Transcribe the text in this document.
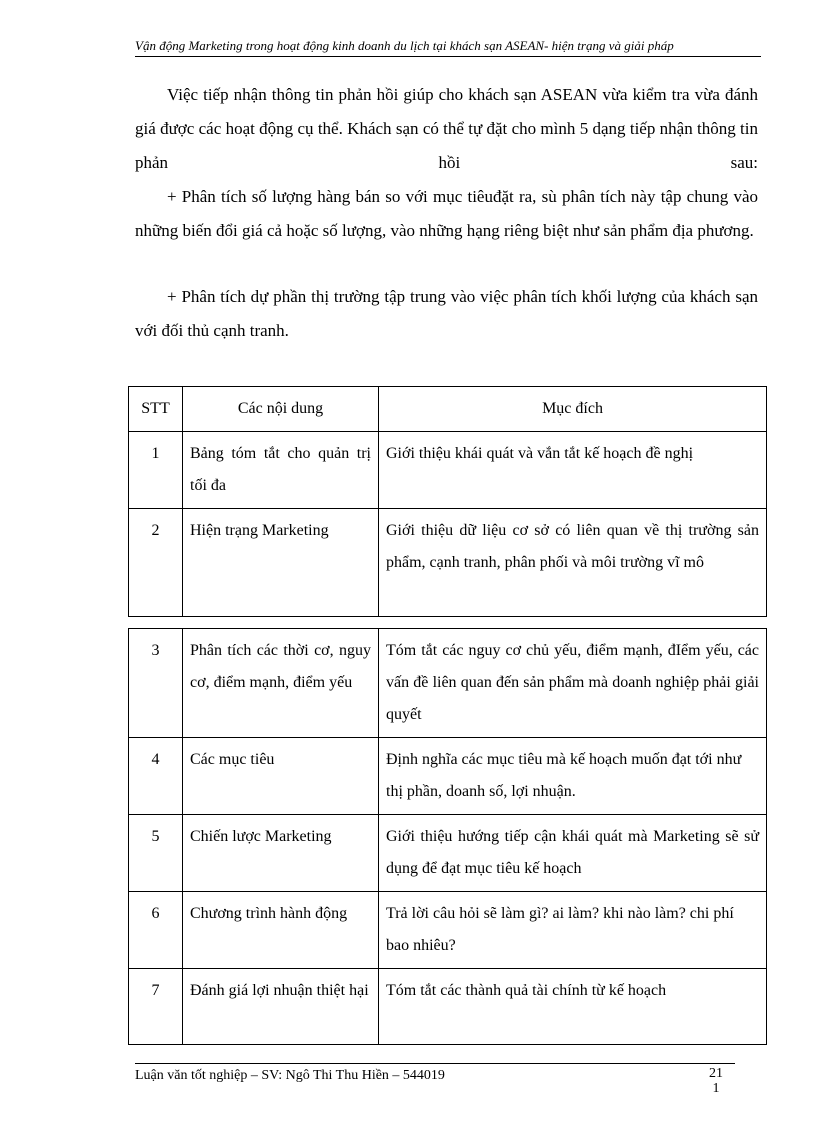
Vận động Marketing trong hoạt động kinh doanh du lịch tại khách sạn ASEAN- hiện trạng và giải pháp

Việc tiếp nhận thông tin phản hồi giúp cho khách sạn ASEAN vừa kiểm tra vừa đánh giá được các hoạt động cụ thể. Khách sạn có thể tự đặt cho mình 5 dạng tiếp nhận thông tin phản hồi sau:

+ Phân tích số lượng hàng bán so với mục tiêuđặt ra, sù phân tích này tập chung vào những biến đổi giá cả hoặc số lượng, vào những hạng riêng biệt như sản phẩm địa phương.

+ Phân tích dự phần thị trường tập trung vào việc phân tích khối lượng của khách sạn với đối thủ cạnh tranh.

STT	Các nội dung	Mục đích
1	Bảng tóm tắt cho quản trị tối đa	Giới thiệu khái quát và vắn tắt kế hoạch đề nghị
2	Hiện trạng Marketing	Giới thiệu dữ liệu cơ sở có liên quan về thị trường sản phẩm, cạnh tranh, phân phối và môi trường vĩ mô
3	Phân tích các thời cơ, nguy cơ, điểm mạnh, điểm yếu	Tóm tắt các nguy cơ chủ yếu, điểm mạnh, đIểm yếu, các vấn đề liên quan đến sản phẩm mà doanh nghiệp phải giải quyết
4	Các mục tiêu	Định nghĩa các mục tiêu mà kế hoạch muốn đạt tới như thị phần, doanh số, lợi nhuận.
5	Chiến lược Marketing	Giới thiệu hướng tiếp cận khái quát mà Marketing sẽ sử dụng để đạt mục tiêu kế hoạch
6	Chương trình hành động	Trả lời câu hỏi sẽ làm gì? ai làm? khi nào làm? chi phí bao nhiêu?
7	Đánh giá lợi nhuận thiệt hại	Tóm tắt các thành quả tài chính từ kế hoạch
Luận văn tốt nghiệp – SV: Ngô Thi Thu Hiền – 544019	21
1
